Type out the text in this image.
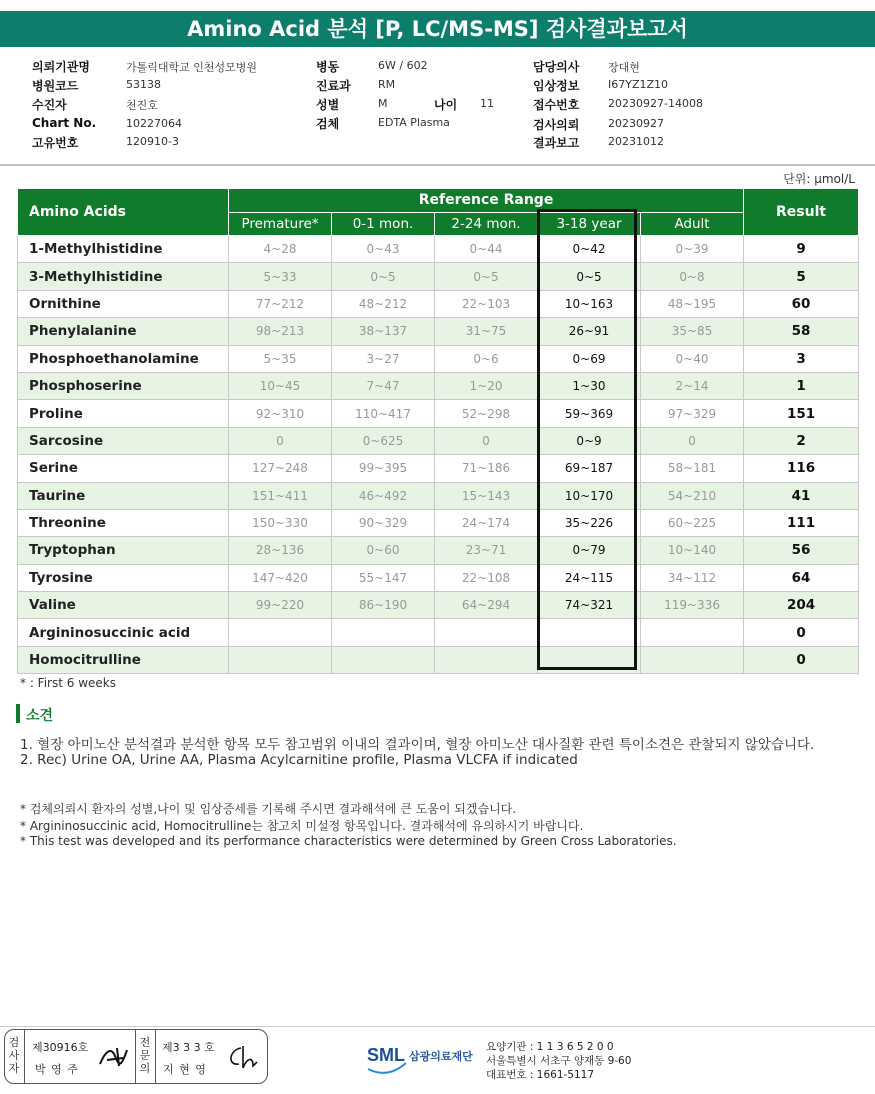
Amino Acid 분석 [P, LC/MS-MS] 검사결과보고서
의뢰기관명	가톨릭대학교 인천성모병원
병원코드	53138
수진자	천진호
Chart No.	10227064
고유번호	120910-3
병동	6W / 602
진료과 RM
성별	M	나이 11
검체	EDTA Plasma
담당의사	장대현
임상정보	I67YZ1Z10
접수번호	20230927-14008
검사의뢰	20230927
결과보고	20231012
단위: µmol/L
Amino Acids	Reference Range					Result
	Premature*	0-1 mon.	2-24 mon.	3-18 year	Adult	
1-Methylhistidine	4~28	0~43	0~44	0~42	0~39	9
3-Methylhistidine	5~33	0~5	0~5	0~5	0~8	5
Ornithine	77~212	48~212	22~103	10~163	48~195	60
Phenylalanine	98~213	38~137	31~75	26~91	35~85	58
Phosphoethanolamine	5~35	3~27	0~6	0~69	0~40	3
Phosphoserine	10~45	7~47	1~20	1~30	2~14	1
Proline	92~310	110~417	52~298	59~369	97~329	151
Sarcosine	0	0~625	0	0~9	0	2
Serine	127~248	99~395	71~186	69~187	58~181	116
Taurine	151~411	46~492	15~143	10~170	54~210	41
Threonine	150~330	90~329	24~174	35~226	60~225	111
Tryptophan	28~136	0~60	23~71	0~79	10~140	56
Tyrosine	147~420	55~147	22~108	24~115	34~112	64
Valine	99~220	86~190	64~294	74~321	119~336	204
Argininosuccinic acid						0
Homocitrulline						0
* : First 6 weeks
소견
1. 혈장 아미노산 분석결과 분석한 항목 모두 참고범위 이내의 결과이며, 혈장 아미노산 대사질환 관련 특이소견은 관찰되지 않았습니다.
2. Rec) Urine OA, Urine AA, Plasma Acylcarnitine profile, Plasma VLCFA if indicated
* 검체의뢰시 환자의 성별,나이 및 임상증세를 기록해 주시면 결과해석에 큰 도움이 되겠습니다.
* Argininosuccinic acid, Homocitrulline는 참고치 미설정 항목입니다. 결과해석에 유의하시기 바랍니다.
* This test was developed and its performance characteristics were determined by Green Cross Laboratories.
검사자
제30916호
박 영 주
전문의
제3 3 3 호
지 현 영
SML 삼광의료재단
요양기관 : 1 1 3 6 5 2 0 0
서울특별시 서초구 양재동 9-60
대표번호 : 1661-5117
